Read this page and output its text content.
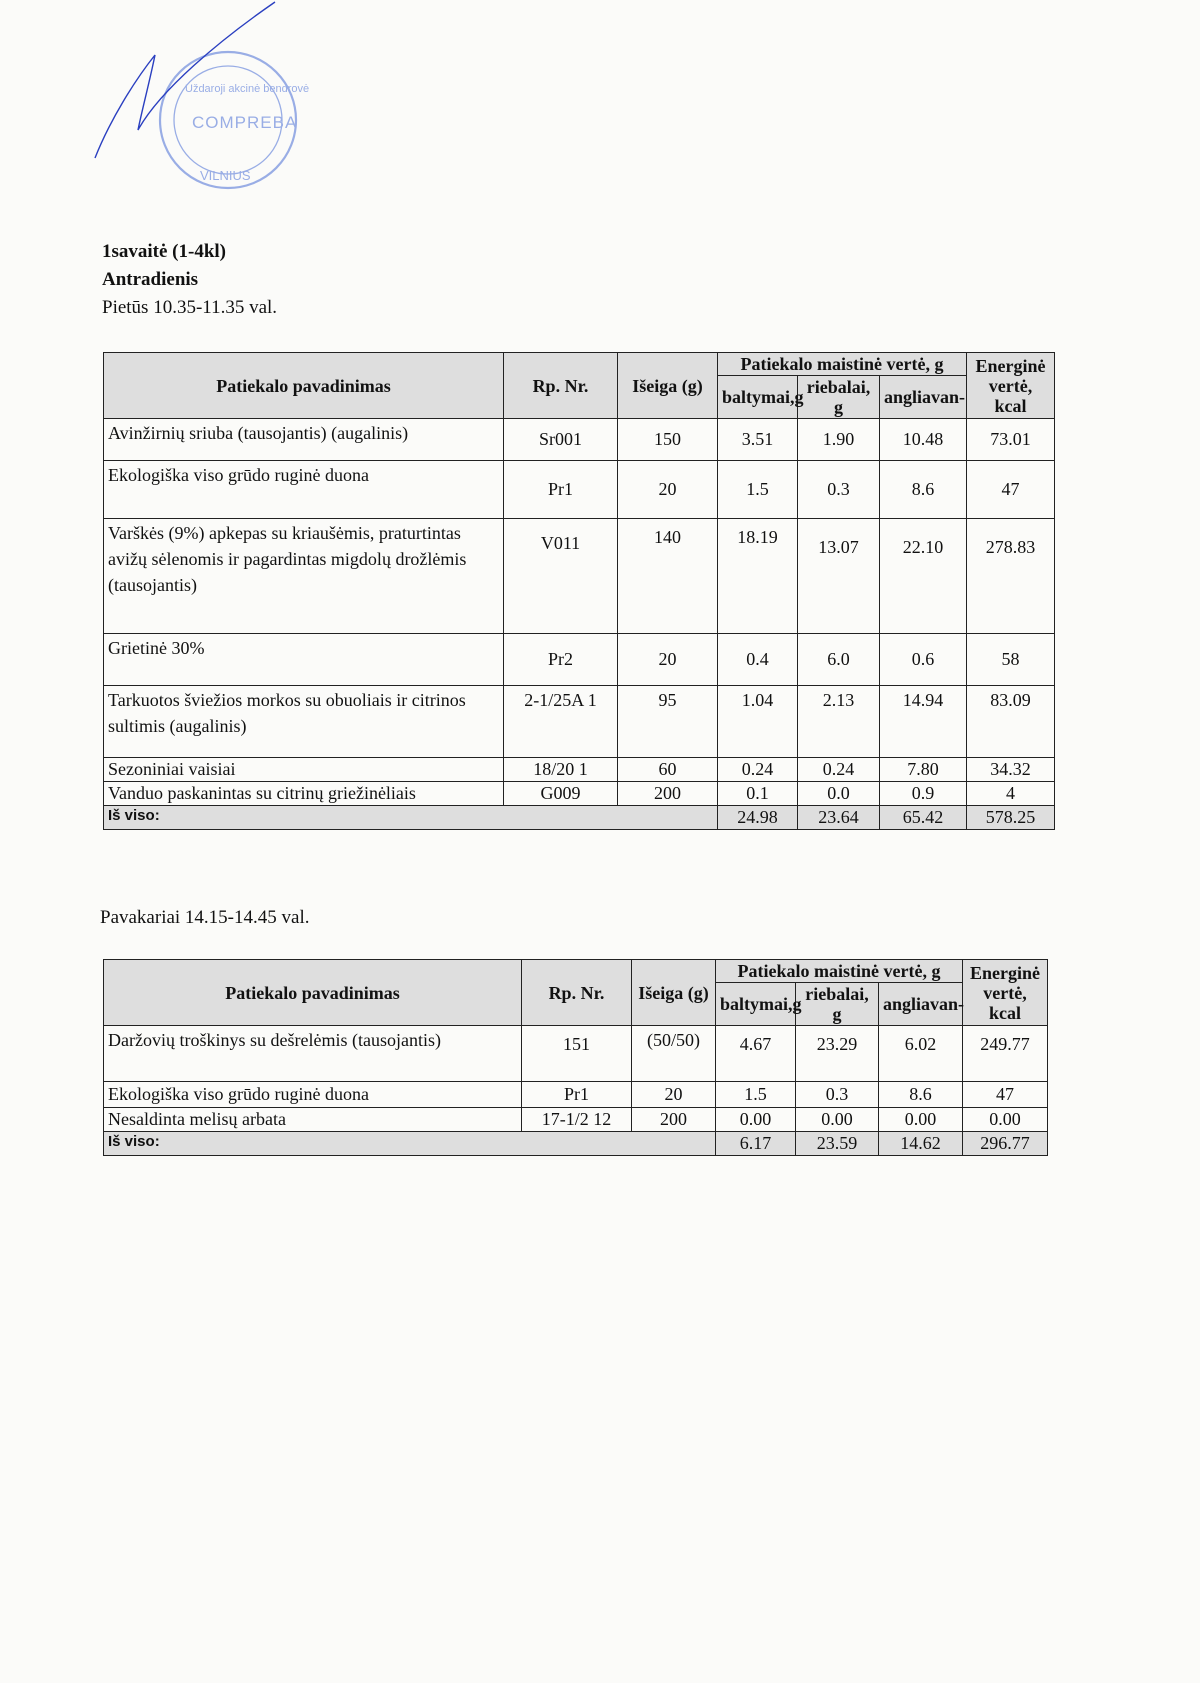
Uždaroji akcinė bendrovė
COMPREBA
VILNIUS
1savaitė (1-4kl)
Antradienis
Pietūs 10.35-11.35 val.
Patiekalo pavadinimas	Rp. Nr.	Išeiga (g)	Patiekalo maistinė vertė, g			Energinė vertė, kcal
			baltymai,g	riebalai, g	angliavan-	
Avinžirnių sriuba (tausojantis) (augalinis)	Sr001	150	3.51	1.90	10.48	73.01
Ekologiška viso grūdo ruginė duona	Pr1	20	1.5	0.3	8.6	47
Varškės (9%) apkepas su kriaušėmis, praturtintas avižų sėlenomis ir pagardintas migdolų drožlėmis (tausojantis)	V011	140	18.19	13.07	22.10	278.83
Grietinė 30%	Pr2	20	0.4	6.0	0.6	58
Tarkuotos šviežios morkos su obuoliais ir citrinos sultimis (augalinis)	2-1/25A 1	95	1.04	2.13	14.94	83.09
Sezoniniai vaisiai	18/20 1	60	0.24	0.24	7.80	34.32
Vanduo paskanintas su citrinų griežinėliais	G009	200	0.1	0.0	0.9	4
Iš viso:			24.98	23.64	65.42	578.25
Pavakariai 14.15-14.45 val.
Patiekalo pavadinimas	Rp. Nr.	Išeiga (g)	Patiekalo maistinė vertė, g			Energinė vertė, kcal
			baltymai,g	riebalai, g	angliavan-	
Daržovių troškinys su dešrelėmis (tausojantis)	151	(50/50)	4.67	23.29	6.02	249.77
Ekologiška viso grūdo ruginė duona	Pr1	20	1.5	0.3	8.6	47
Nesaldinta melisų arbata	17-1/2 12	200	0.00	0.00	0.00	0.00
Iš viso:			6.17	23.59	14.62	296.77
